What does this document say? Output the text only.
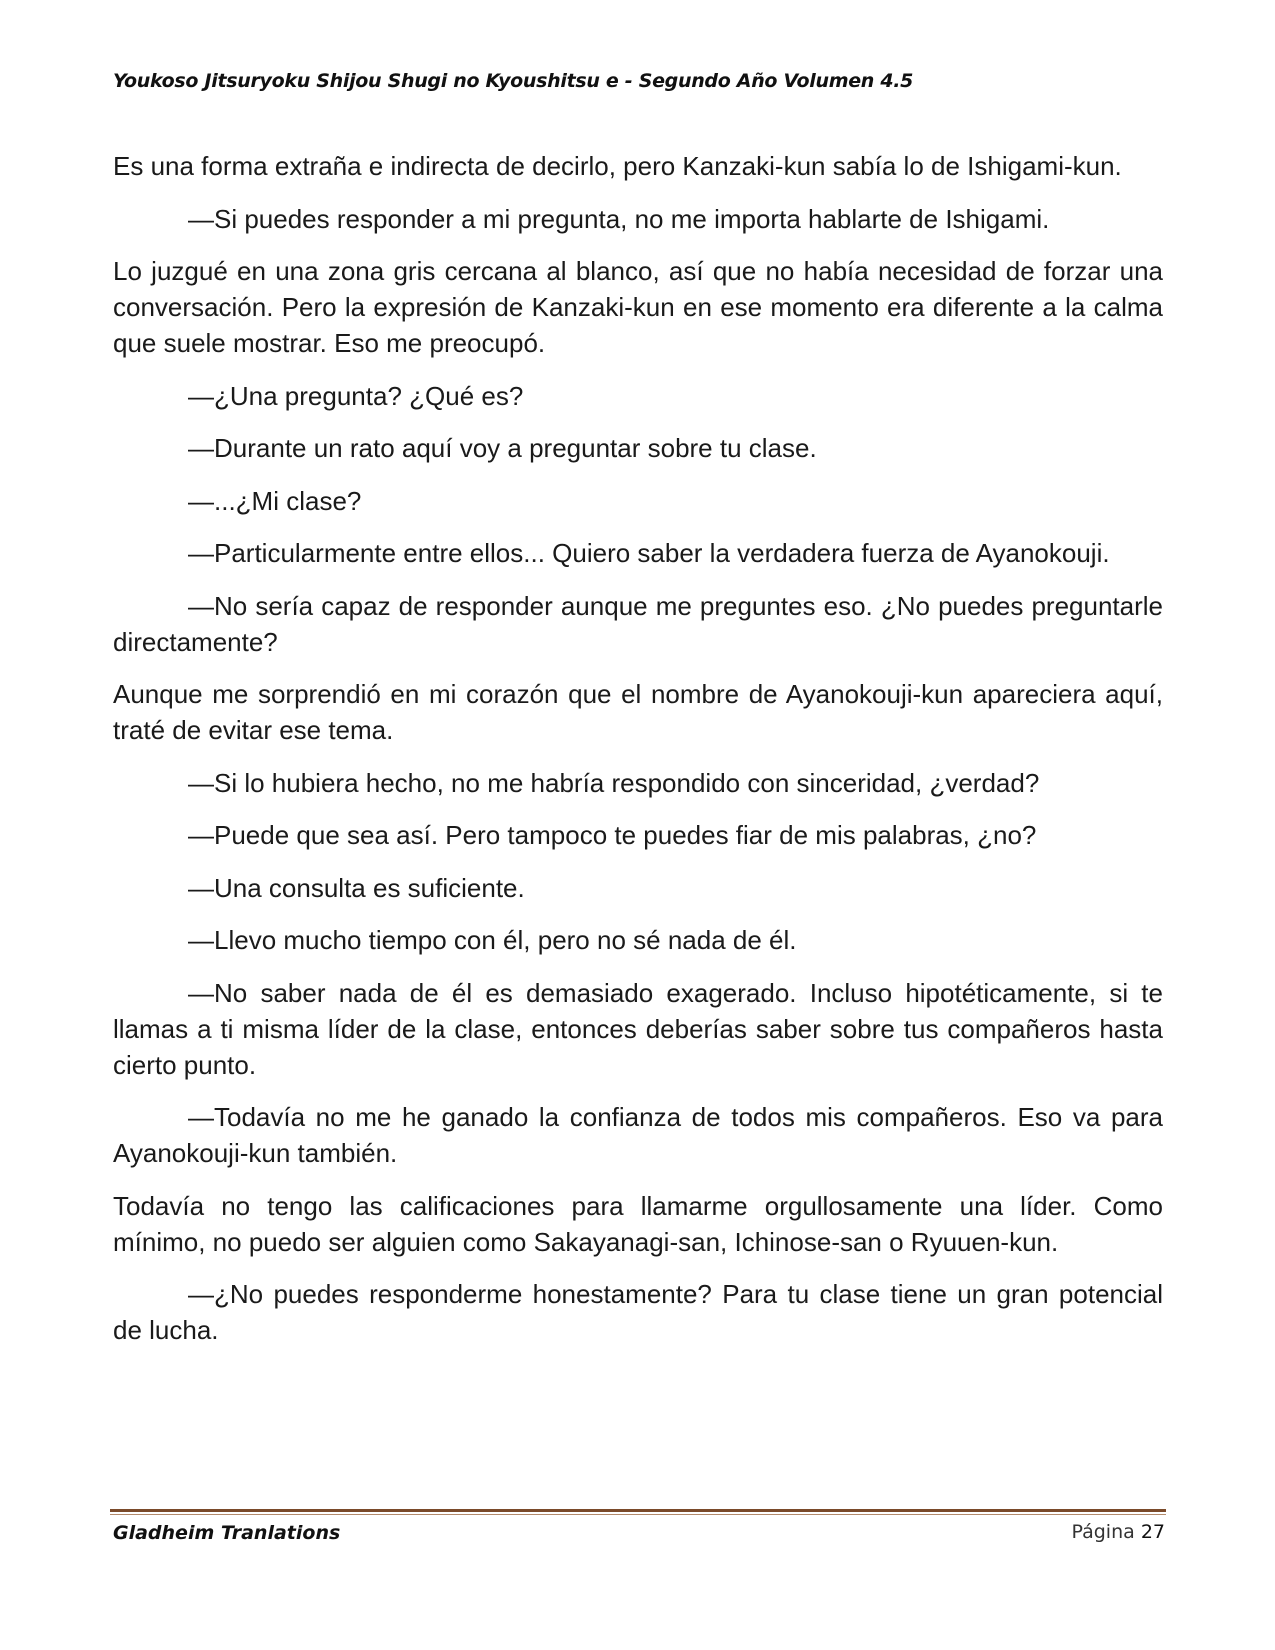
Youkoso Jitsuryoku Shijou Shugi no Kyoushitsu e - Segundo Año Volumen 4.5

Es una forma extraña e indirecta de decirlo, pero Kanzaki-kun sabía lo de Ishigami-kun.

—Si puedes responder a mi pregunta, no me importa hablarte de Ishigami.

Lo juzgué en una zona gris cercana al blanco, así que no había necesidad de forzar una conversación. Pero la expresión de Kanzaki-kun en ese momento era diferente a la calma que suele mostrar. Eso me preocupó.

—¿Una pregunta? ¿Qué es?

—Durante un rato aquí voy a preguntar sobre tu clase.

—...¿Mi clase?

—Particularmente entre ellos... Quiero saber la verdadera fuerza de Ayanokouji.

—No sería capaz de responder aunque me preguntes eso. ¿No puedes preguntarle directamente?

Aunque me sorprendió en mi corazón que el nombre de Ayanokouji-kun apareciera aquí, traté de evitar ese tema.

—Si lo hubiera hecho, no me habría respondido con sinceridad, ¿verdad?

—Puede que sea así. Pero tampoco te puedes fiar de mis palabras, ¿no?

—Una consulta es suficiente.

—Llevo mucho tiempo con él, pero no sé nada de él.

—No saber nada de él es demasiado exagerado. Incluso hipotéticamente, si te llamas a ti misma líder de la clase, entonces deberías saber sobre tus compañeros hasta cierto punto.

—Todavía no me he ganado la confianza de todos mis compañeros. Eso va para Ayanokouji-kun también.

Todavía no tengo las calificaciones para llamarme orgullosamente una líder. Como mínimo, no puedo ser alguien como Sakayanagi-san, Ichinose-san o Ryuuen-kun.

—¿No puedes responderme honestamente? Para tu clase tiene un gran potencial de lucha.

Gladheim Tranlations	Página 27
